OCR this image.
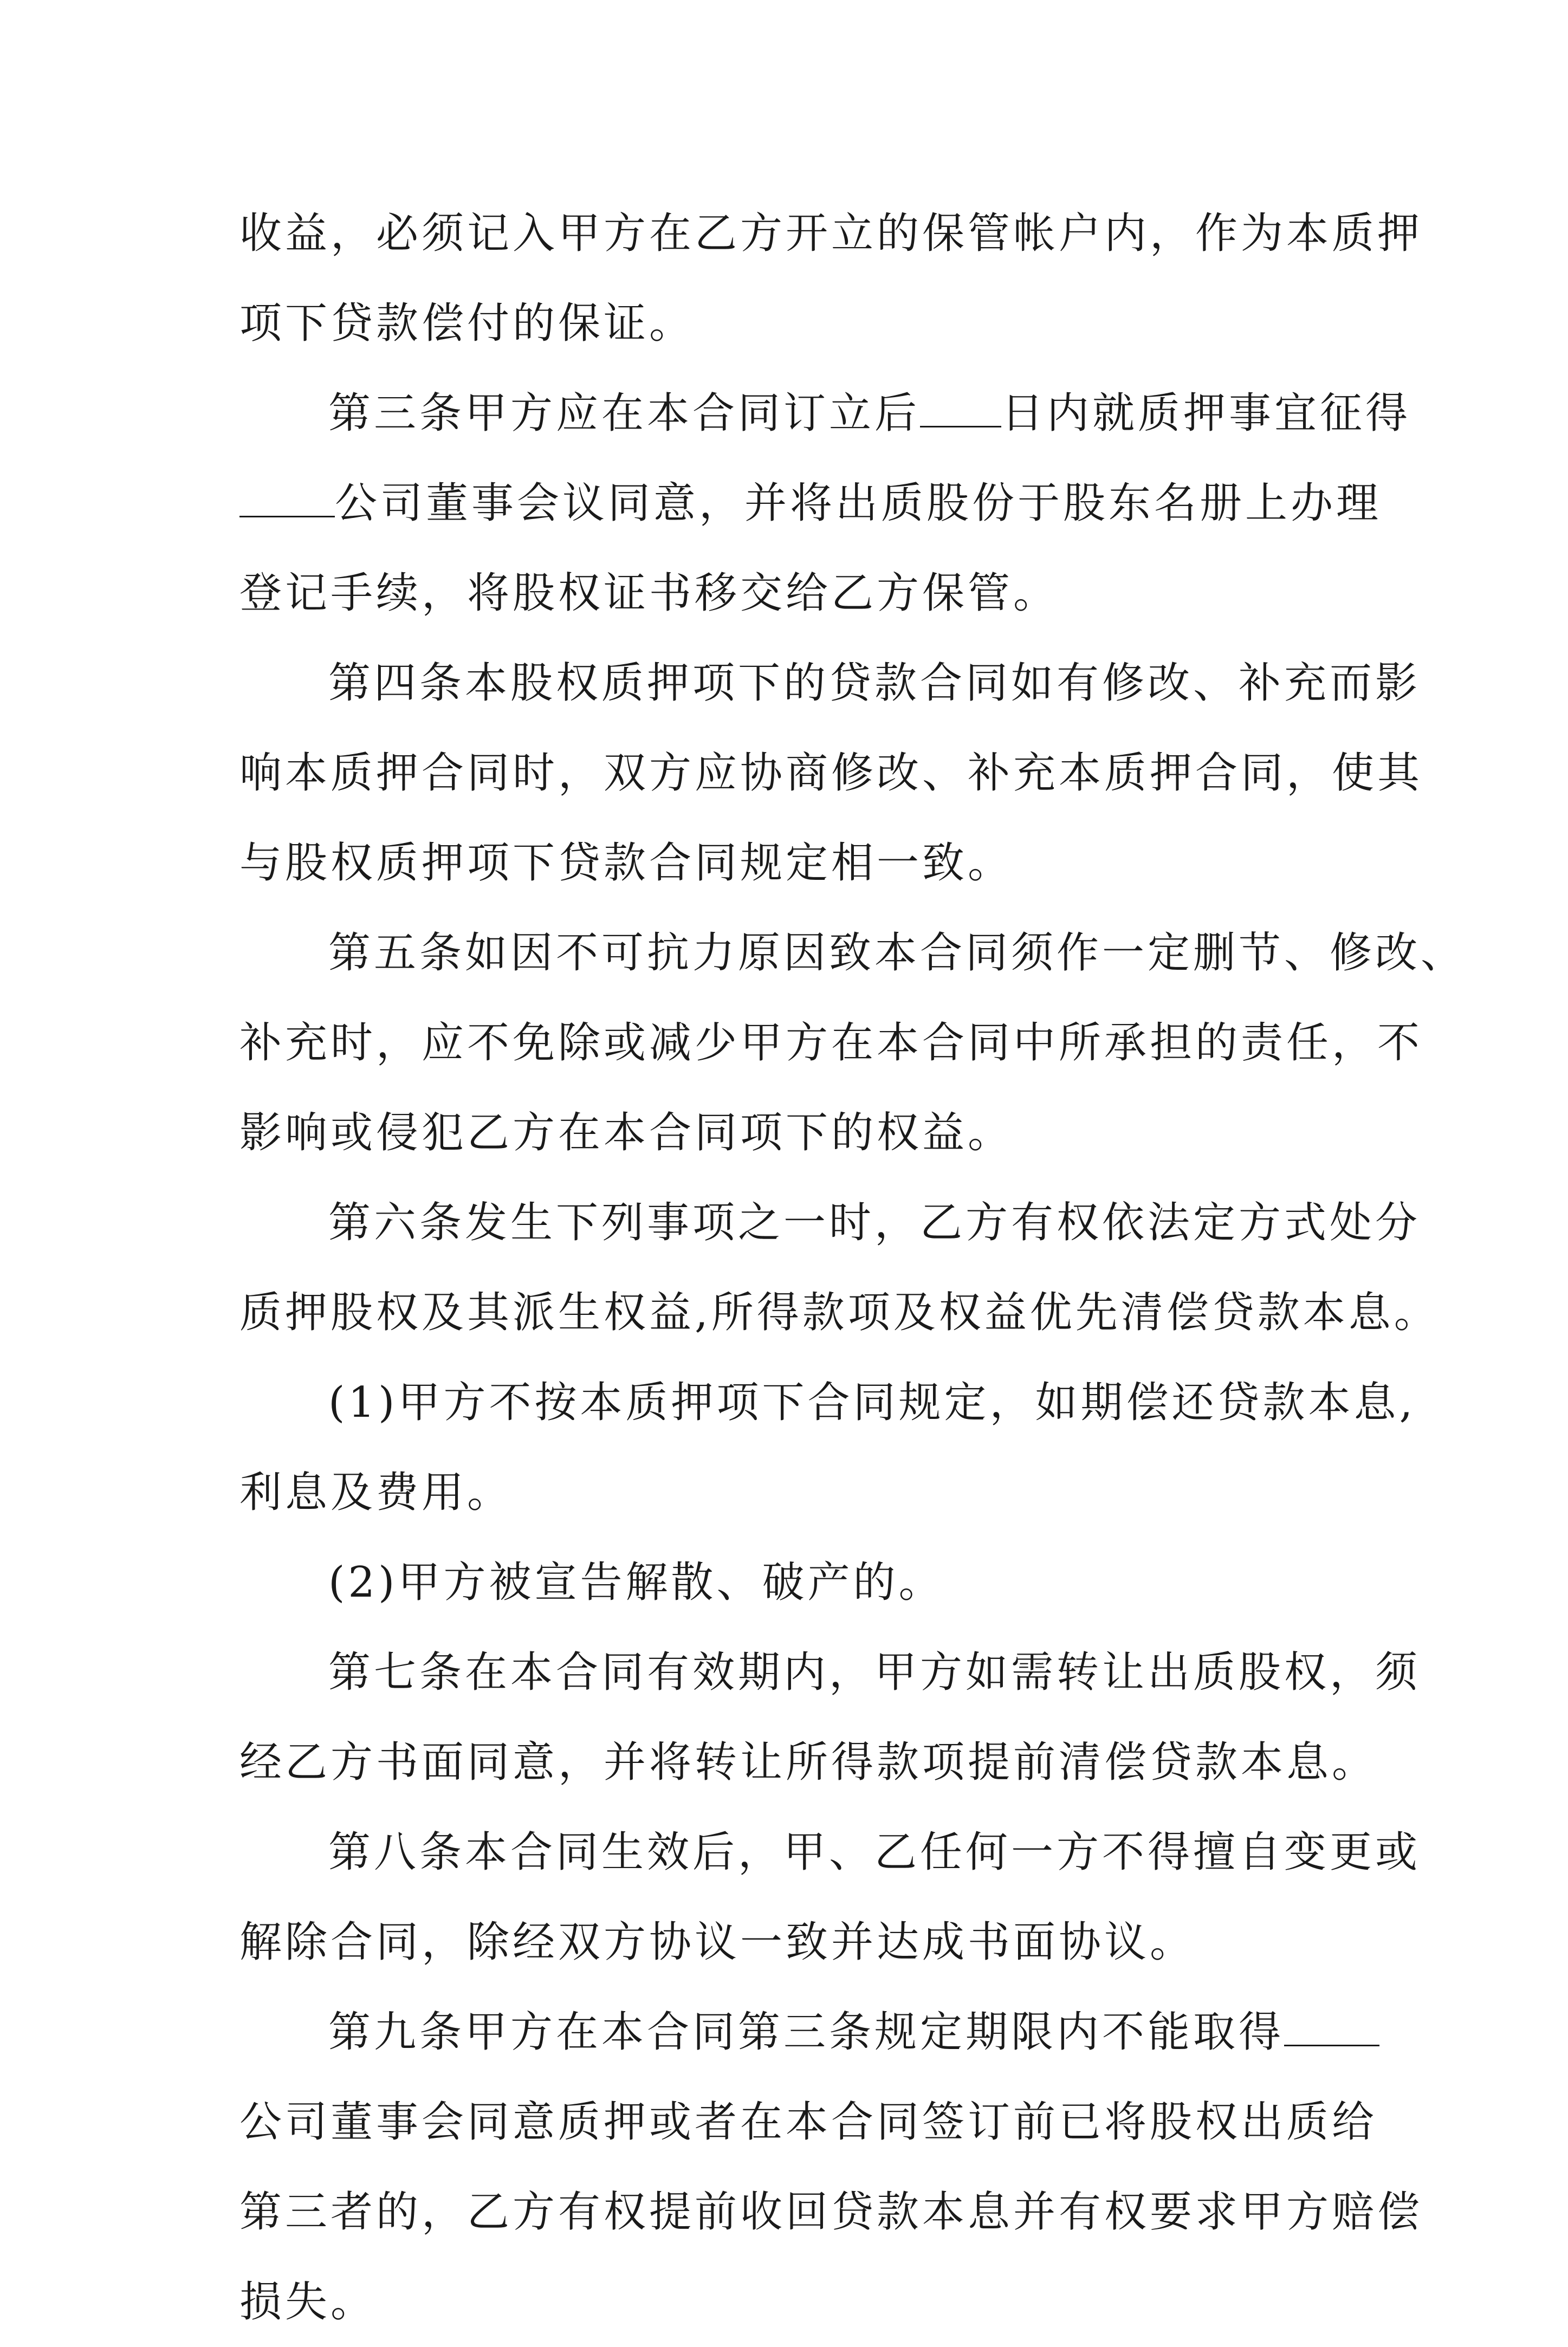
收益，必须记入甲方在乙方开立的保管帐户内，作为本质押
项下贷款偿付的保证。
第三条甲方应在本合同订立后 日内就质押事宜征得
公司董事会议同意，并将出质股份于股东名册上办理
登记手续，将股权证书移交给乙方保管。
第四条本股权质押项下的贷款合同如有修改、补充而影
响本质押合同时，双方应协商修改、补充本质押合同，使其
与股权质押项下贷款合同规定相一致。
第五条如因不可抗力原因致本合同须作一定删节、修改、
补充时，应不免除或减少甲方在本合同中所承担的责任，不
影响或侵犯乙方在本合同项下的权益。
第六条发生下列事项之一时，乙方有权依法定方式处分
质押股权及其派生权益,所得款项及权益优先清偿贷款本息。
(1)甲方不按本质押项下合同规定，如期偿还贷款本息,
利息及费用。
(2)甲方被宣告解散、破产的。
第七条在本合同有效期内，甲方如需转让出质股权，须
经乙方书面同意，并将转让所得款项提前清偿贷款本息。
第八条本合同生效后，甲、乙任何一方不得擅自变更或
解除合同，除经双方协议一致并达成书面协议。
第九条甲方在本合同第三条规定期限内不能取得
公司董事会同意质押或者在本合同签订前已将股权出质给
第三者的，乙方有权提前收回贷款本息并有权要求甲方赔偿
损失。
